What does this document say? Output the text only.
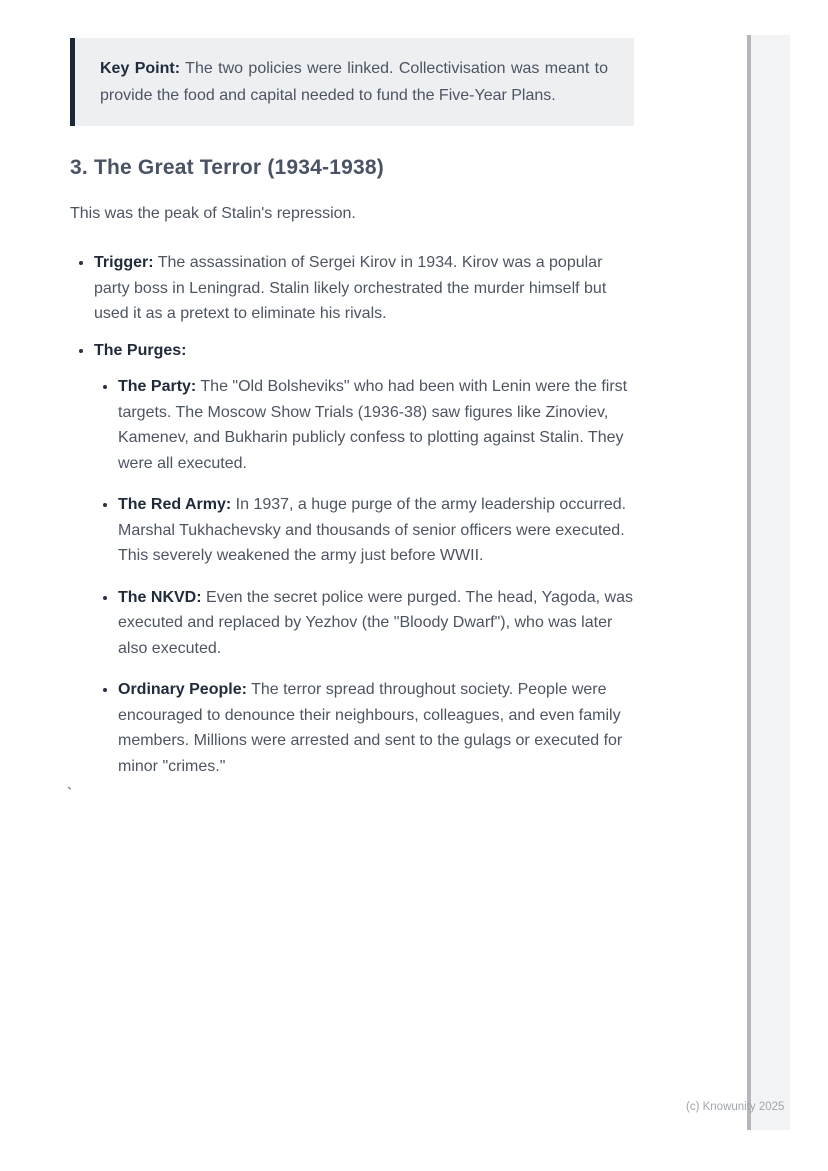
Key Point: The two policies were linked. Collectivisation was meant to provide the food and capital needed to fund the Five-Year Plans.
3. The Great Terror (1934-1938)

This was the peak of Stalin's repression.

• Trigger: The assassination of Sergei Kirov in 1934. Kirov was a popular party boss in Leningrad. Stalin likely orchestrated the murder himself but used it as a pretext to eliminate his rivals.
• The Purges:
• The Party: The "Old Bolsheviks" who had been with Lenin were the first targets. The Moscow Show Trials (1936-38) saw figures like Zinoviev, Kamenev, and Bukharin publicly confess to plotting against Stalin. They were all executed.
• The Red Army: In 1937, a huge purge of the army leadership occurred. Marshal Tukhachevsky and thousands of senior officers were executed. This severely weakened the army just before WWII.
• The NKVD: Even the secret police were purged. The head, Yagoda, was executed and replaced by Yezhov (the "Bloody Dwarf"), who was later also executed.
• Ordinary People: The terror spread throughout society. People were encouraged to denounce their neighbours, colleagues, and even family members. Millions were arrested and sent to the gulags or executed for minor "crimes."
`
(c) Knowunity 2025
